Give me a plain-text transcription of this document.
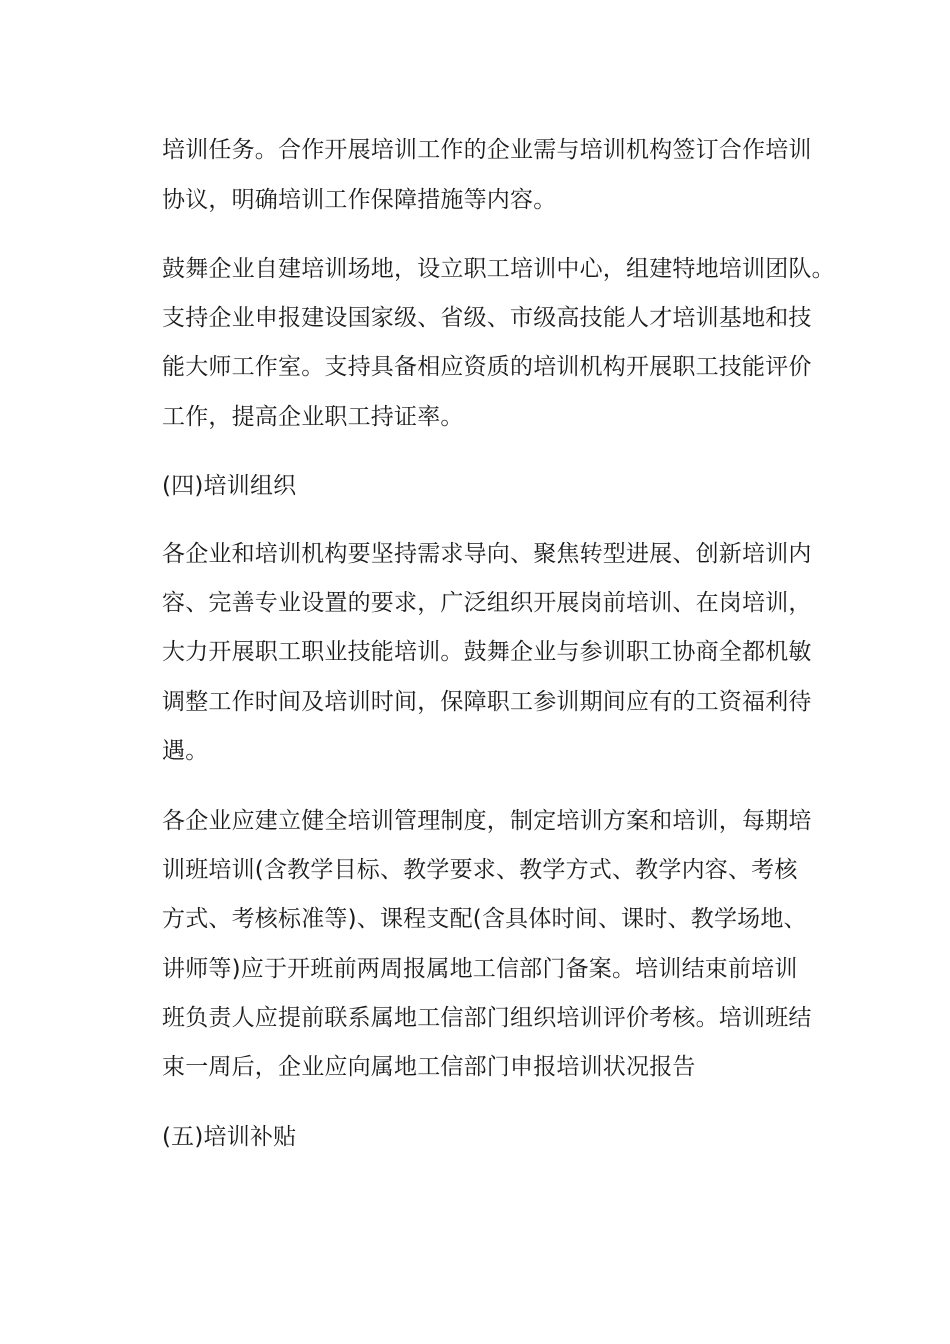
培训任务。合作开展培训工作的企业需与培训机构签订合作培训
协议，明确培训工作保障措施等内容。
鼓舞企业自建培训场地，设立职工培训中心，组建特地培训团队。
支持企业申报建设国家级、省级、市级高技能人才培训基地和技
能大师工作室。支持具备相应资质的培训机构开展职工技能评价
工作，提高企业职工持证率。
(四)培训组织
各企业和培训机构要坚持需求导向、聚焦转型进展、创新培训内
容、完善专业设置的要求，广泛组织开展岗前培训、在岗培训，
大力开展职工职业技能培训。鼓舞企业与参训职工协商全都机敏
调整工作时间及培训时间，保障职工参训期间应有的工资福利待
遇。
各企业应建立健全培训管理制度，制定培训方案和培训，每期培
训班培训(含教学目标、教学要求、教学方式、教学内容、考核
方式、考核标准等)、课程支配(含具体时间、课时、教学场地、
讲师等)应于开班前两周报属地工信部门备案。培训结束前培训
班负责人应提前联系属地工信部门组织培训评价考核。培训班结
束一周后，企业应向属地工信部门申报培训状况报告
(五)培训补贴
